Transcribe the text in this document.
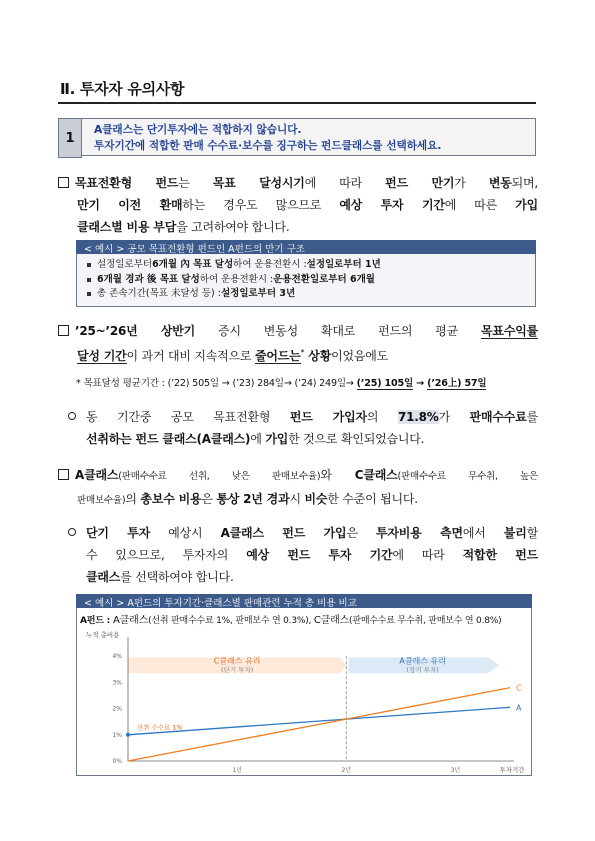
Ⅱ. 투자자 유의사항
1
A클래스는 단기투자에는 적합하지 않습니다.
투자기간에 적합한 판매 수수료·보수를 징구하는 펀드클래스를 선택하세요.
목표전환형 펀드는 목표 달성시기에 따라 펀드 만기가 변동되며,
만기 이전 환매하는 경우도 많으므로 예상 투자 기간에 따른 가입
클래스별 비용 부담을 고려하여야 합니다.
< 예시 > 공모 목표전환형 펀드인 A펀드의 만기 구조
설정일로부터 6개월 內 목표 달성 하여 운용전환시 : 설정일로부터 1년
6개월 경과 後 목표 달성 하여 운용전환시 : 운용전환일로부터 6개월
총 존속기간(목표 未달성 등) : 설정일로부터 3년
’25~’26년 상반기 증시 변동성 확대로 펀드의 평균 목표수익률
달성 기간이 과거 대비 지속적으로 줄어드는* 상황이었음에도
* 목표달성 평균기간 : (’22) 505일 → (’23) 284일→ (’24) 249일→ (’25) 105일 → (’26上) 57일
동 기간중 공모 목표전환형 펀드 가입자의 71.8%가 판매수수료를
선취하는 펀드 클래스(A클래스)에 가입한 것으로 확인되었습니다.
A클래스(판매수수료 선취, 낮은 판매보수율)와 C클래스(판매수수료 무수취, 높은
판매보수율)의 총보수 비용은 통상 2년 경과시 비슷한 수준이 됩니다.
단기 투자 예상시 A클래스 펀드 가입은 투자비용 측면에서 불리할
수 있으므로, 투자자의 예상 펀드 투자 기간에 따라 적합한 펀드
클래스를 선택하여야 합니다.
< 예시 > A펀드의 투자기간·클래스별 판매관련 누적 총 비용 비교
A펀드 : A클래스(선취 판매수수료 1%, 판매보수 연 0.3%), C클래스(판매수수료 무수취, 판매보수 연 0.8%)
C클래스 유리
(단기 투자)
A클래스 유리
(장기 투자)
누적 총비용
투자기간
0%
1%
2%
3%
4%
1년	2년	3년
A
C
선취 수수료 1%
